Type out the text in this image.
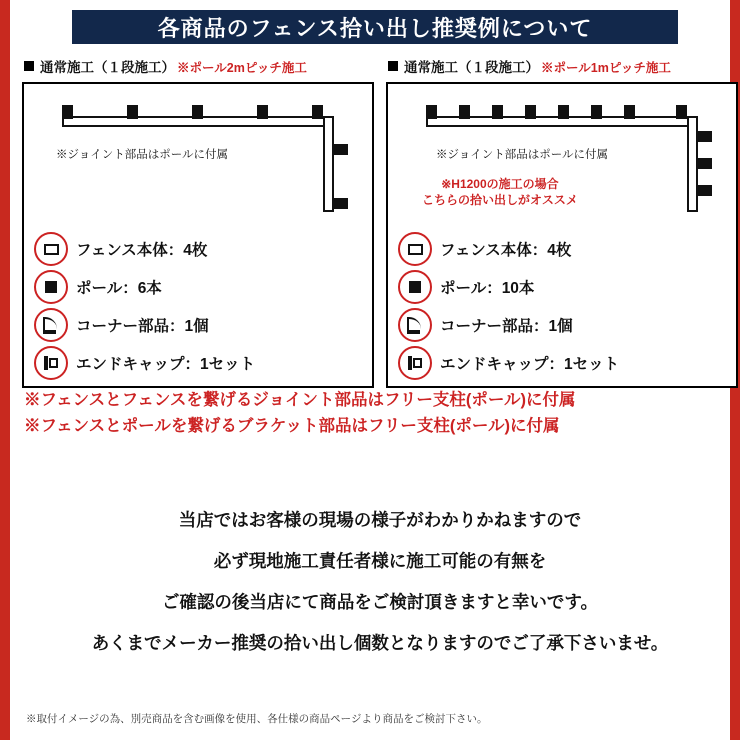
各商品のフェンス拾い出し推奨例について
通常施工（１段施工） ※ポール2mピッチ施工
※ジョイント部品はポールに付属
フェンス本体：4枚
ポール：6本
コーナー部品：1個
エンドキャップ：1セット
通常施工（１段施工） ※ポール1mピッチ施工
※ジョイント部品はポールに付属
※H1200の施工の場合
こちらの拾い出しがオススメ
フェンス本体：4枚
ポール：10本
コーナー部品：1個
エンドキャップ：1セット
※フェンスとフェンスを繋げるジョイント部品はフリー支柱(ポール)に付属
※フェンスとポールを繋げるブラケット部品はフリー支柱(ポール)に付属
当店ではお客様の現場の様子がわかりかねますので
必ず現地施工責任者様に施工可能の有無を
ご確認の後当店にて商品をご検討頂きますと幸いです。
あくまでメーカー推奨の拾い出し個数となりますのでご了承下さいませ。
※取付イメージの為、別売商品を含む画像を使用、各仕様の商品ページより商品をご検討下さい。
